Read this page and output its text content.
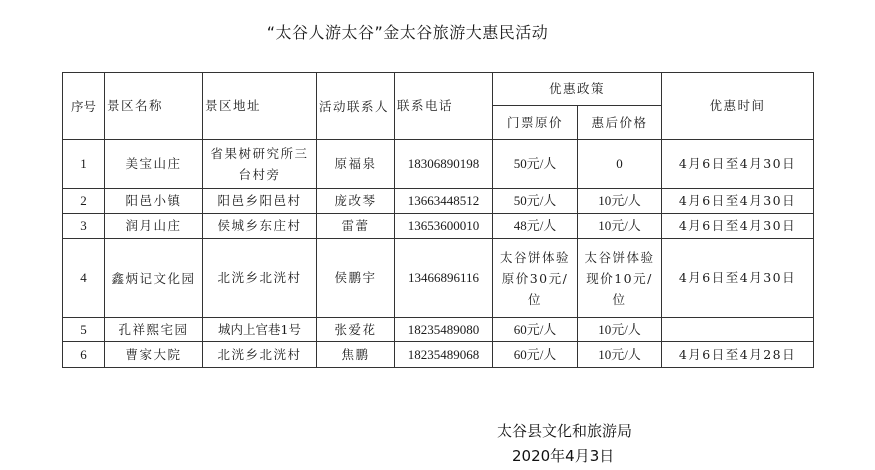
“太谷人游太谷”金太谷旅游大惠民活动
序号	景区名称	景区地址	活动联系人	联系电话	优惠政策		优惠时间
					门票原价	惠后价格	
1	美宝山庄	省果树研究所三台村旁	原福泉	18306890198	50元/人	0	4月6日至4月30日
2	阳邑小镇	阳邑乡阳邑村	庞改琴	13663448512	50元/人	10元/人	4月6日至4月30日
3	润月山庄	侯城乡东庄村	雷蕾	13653600010	48元/人	10元/人	4月6日至4月30日
4	鑫炳记文化园	北洸乡北洸村	侯鹏宇	13466896116	太谷饼体验原价30元/位	太谷饼体验现价10元/位	4月6日至4月30日
5	孔祥熙宅园	城内上官巷1号	张爱花	18235489080	60元/人	10元/人	
6	曹家大院	北洸乡北洸村	焦鹏	18235489068	60元/人	10元/人	4月6日至4月28日
太谷县文化和旅游局
2020年4月3日
